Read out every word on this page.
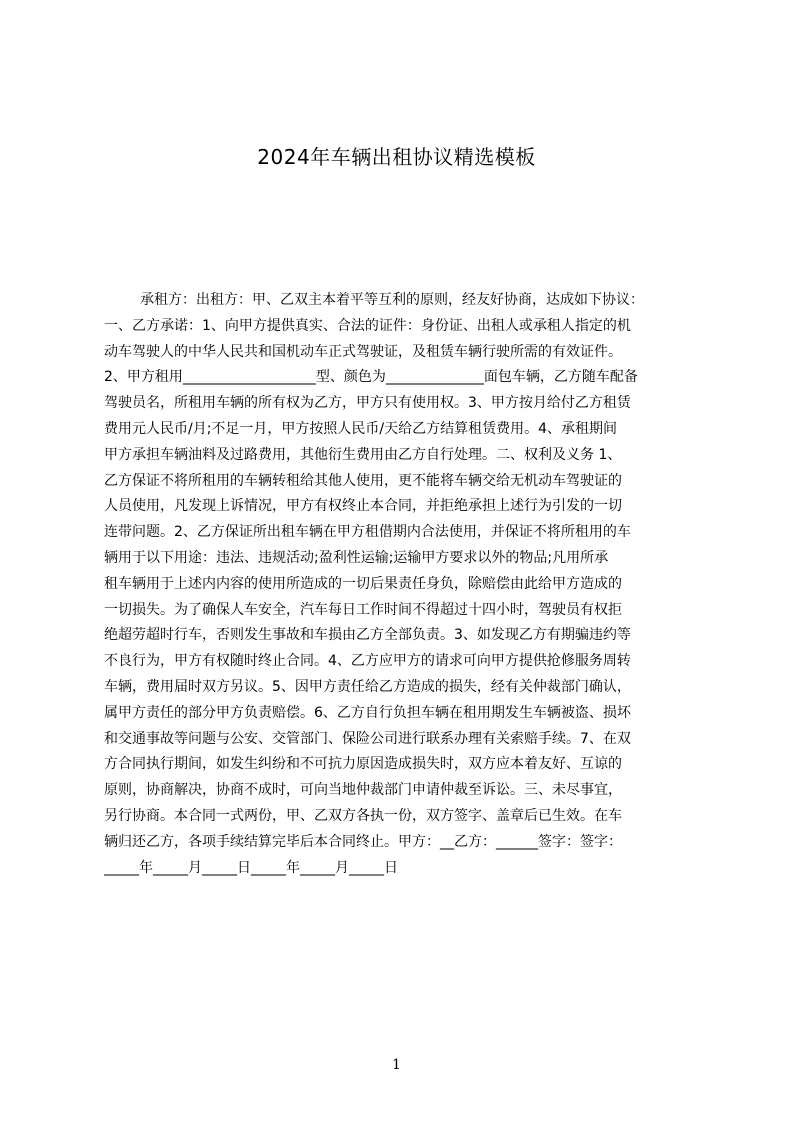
2024年车辆出租协议精选模板
承租方：出租方：甲、乙双主本着平等互利的原则，经友好协商，达成如下协议：
一、乙方承诺：1、向甲方提供真实、合法的证件：身份证、出租人或承租人指定的机
动车驾驶人的中华人民共和国机动车正式驾驶证，及租赁车辆行驶所需的有效证件。
2、甲方租用___________________型、颜色为______________面包车辆，乙方随车配备
驾驶员名，所租用车辆的所有权为乙方，甲方只有使用权。3、甲方按月给付乙方租赁
费用元人民币/月;不足一月，甲方按照人民币/天给乙方结算租赁费用。4、承租期间
甲方承担车辆油料及过路费用，其他衍生费用由乙方自行处理。二、权利及义务 1、
乙方保证不将所租用的车辆转租给其他人使用，更不能将车辆交给无机动车驾驶证的
人员使用，凡发现上诉情况，甲方有权终止本合同，并拒绝承担上述行为引发的一切
连带问题。2、乙方保证所出租车辆在甲方租借期内合法使用，并保证不将所租用的车
辆用于以下用途：违法、违规活动;盈利性运输;运输甲方要求以外的物品;凡用所承
租车辆用于上述内内容的使用所造成的一切后果责任身负，除赔偿由此给甲方造成的
一切损失。为了确保人车安全，汽车每日工作时间不得超过十四小时，驾驶员有权拒
绝超劳超时行车，否则发生事故和车损由乙方全部负责。3、如发现乙方有期骗违约等
不良行为，甲方有权随时终止合同。4、乙方应甲方的请求可向甲方提供抢修服务周转
车辆，费用届时双方另议。5、因甲方责任给乙方造成的损失，经有关仲裁部门确认，
属甲方责任的部分甲方负责赔偿。6、乙方自行负担车辆在租用期发生车辆被盗、损坏
和交通事故等问题与公安、交管部门、保险公司进行联系办理有关索赔手续。7、在双
方合同执行期间，如发生纠纷和不可抗力原因造成损失时，双方应本着友好、互谅的
原则，协商解决，协商不成时，可向当地仲裁部门申请仲裁至诉讼。三、未尽事宜，
另行协商。本合同一式两份，甲、乙双方各执一份，双方签字、盖章后已生效。在车
辆归还乙方，各项手续结算完毕后本合同终止。甲方：__乙方：______签字：签字：
_____年_____月_____日_____年_____月_____日
1
